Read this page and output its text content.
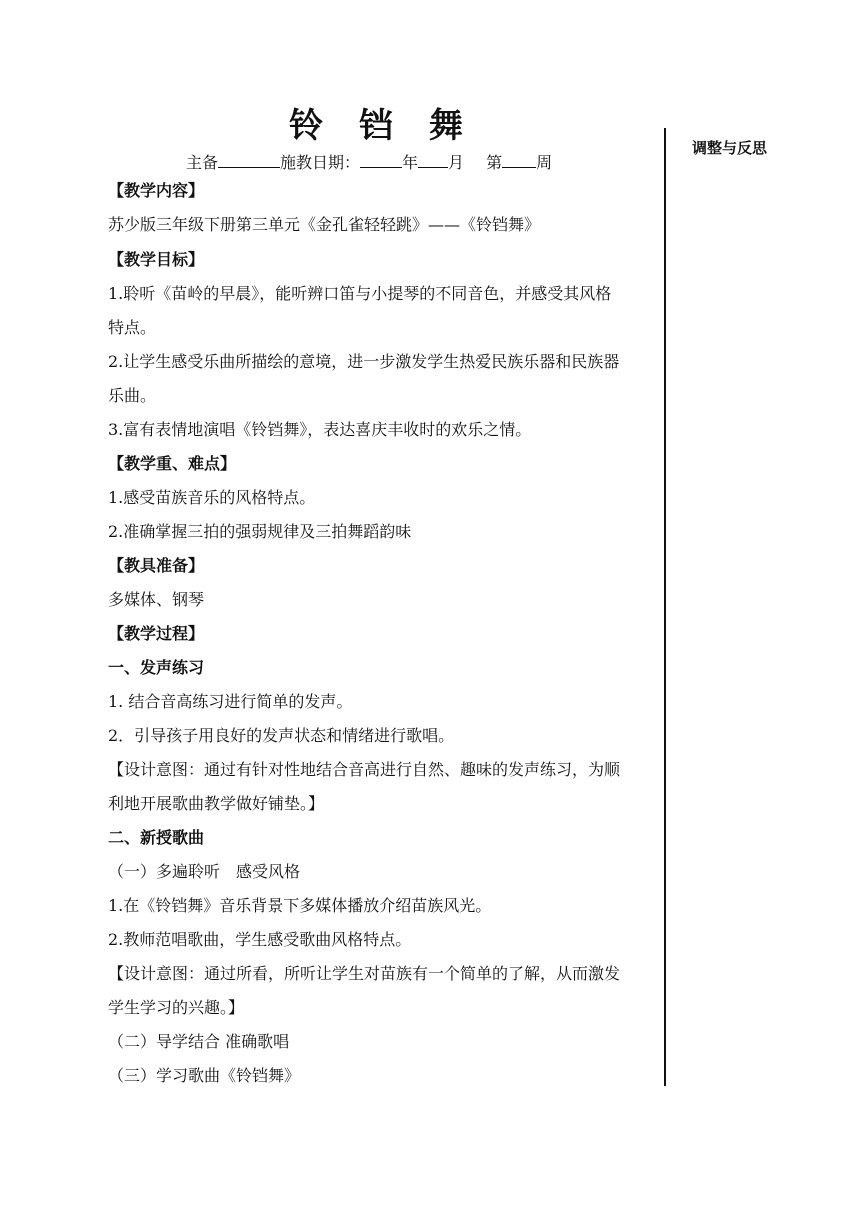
铃 铛 舞
主备	施教日期：	年 月 第 周
调整与反思
【教学内容】
苏少版三年级下册第三单元《金孔雀轻轻跳》——《铃铛舞》
【教学目标】
1.聆听《苗岭的早晨》，能听辨口笛与小提琴的不同音色，并感受其风格
特点。
2.让学生感受乐曲所描绘的意境，进一步激发学生热爱民族乐器和民族器
乐曲。
3.富有表情地演唱《铃铛舞》，表达喜庆丰收时的欢乐之情。
【教学重、难点】
1.感受苗族音乐的风格特点。
2.准确掌握三拍的强弱规律及三拍舞蹈韵味
【教具准备】
多媒体、钢琴
【教学过程】
一、发声练习
1. 结合音高练习进行简单的发声。
2．引导孩子用良好的发声状态和情绪进行歌唱。
【设计意图：通过有针对性地结合音高进行自然、趣味的发声练习，为顺
利地开展歌曲教学做好铺垫。】
二、新授歌曲
（一）多遍聆听　感受风格
1.在《铃铛舞》音乐背景下多媒体播放介绍苗族风光。
2.教师范唱歌曲，学生感受歌曲风格特点。
【设计意图：通过所看，所听让学生对苗族有一个简单的了解，从而激发
学生学习的兴趣。】
（二）导学结合 准确歌唱
（三）学习歌曲《铃铛舞》
